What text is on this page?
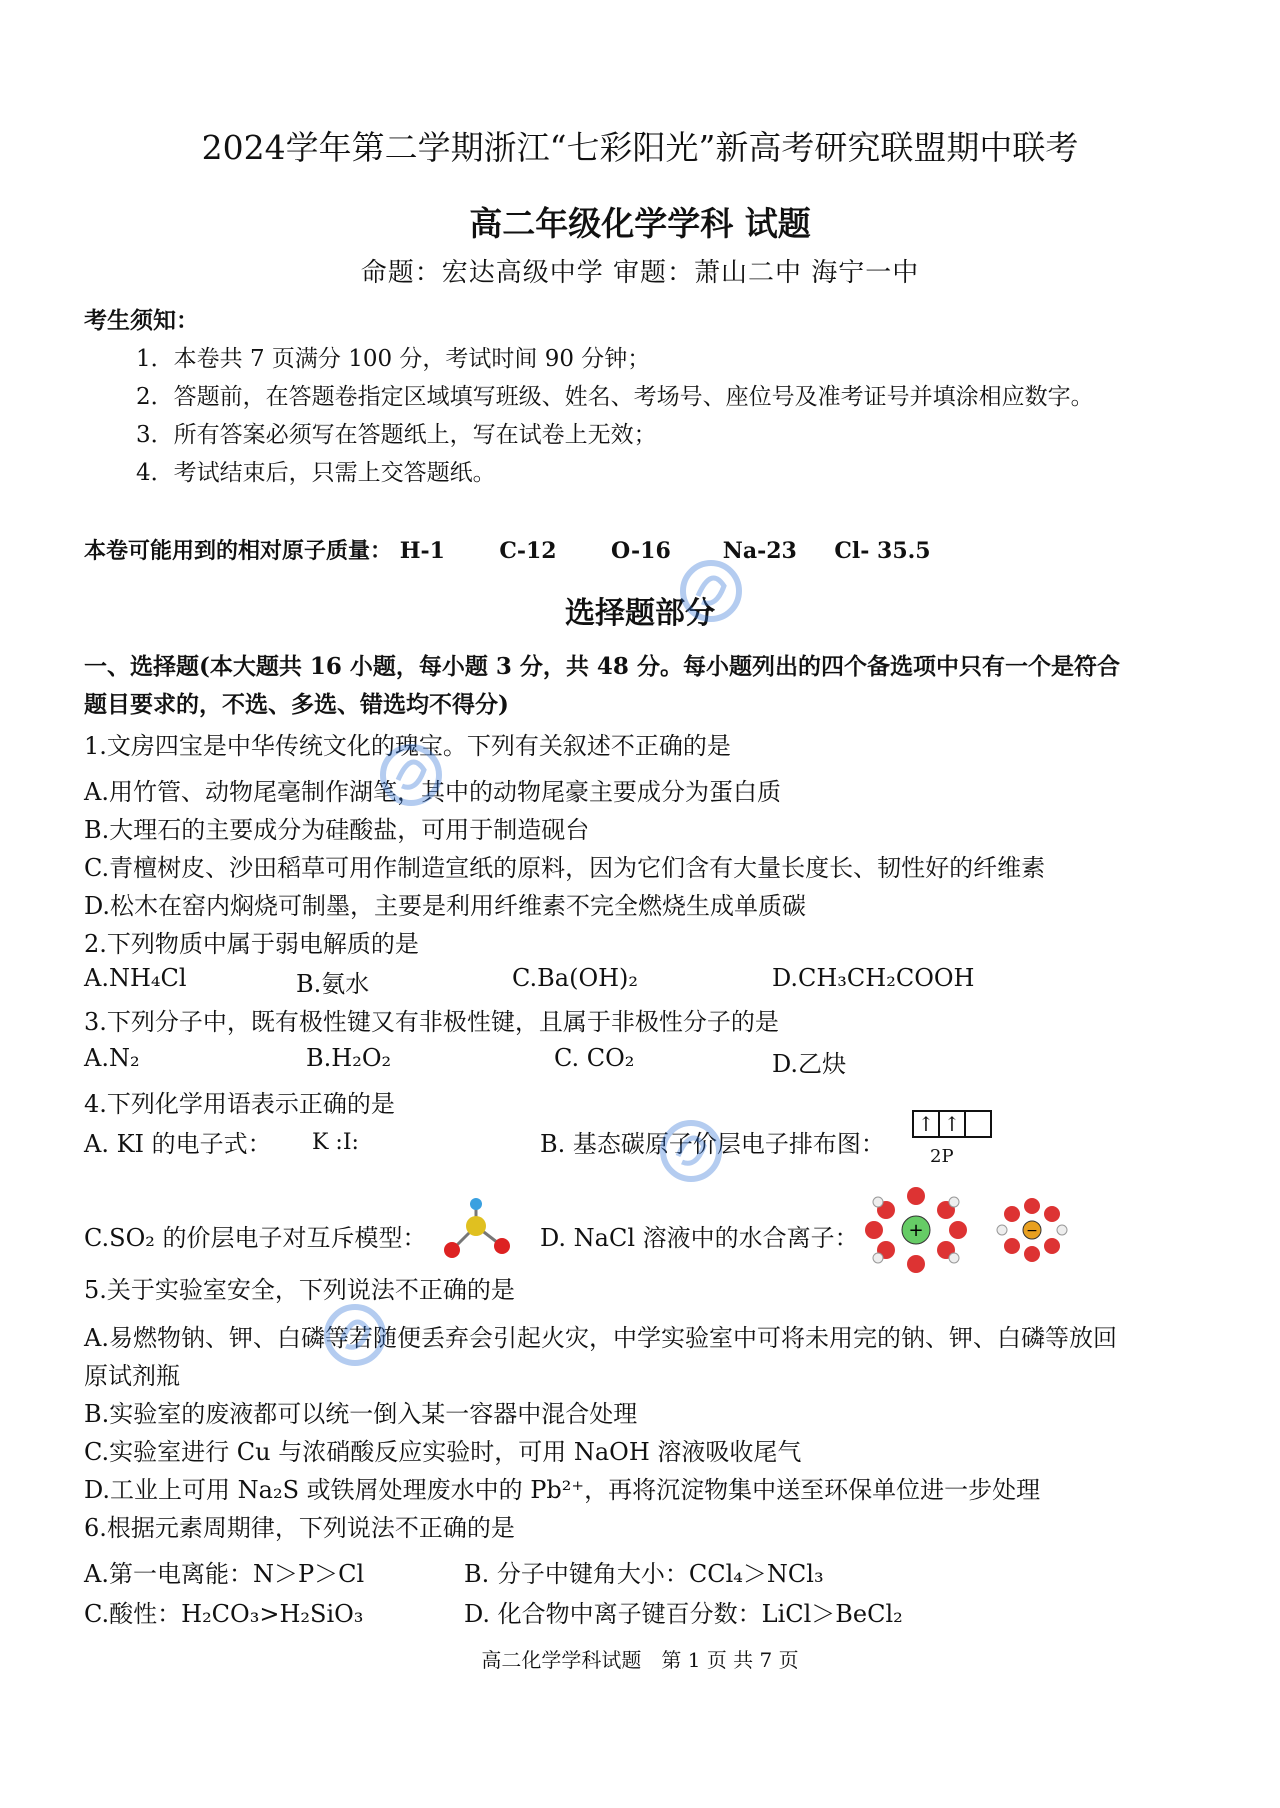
2024学年第二学期浙江“七彩阳光”新高考研究联盟期中联考
高二年级化学学科 试题
命题：宏达高级中学 审题：萧山二中 海宁一中
考生须知：
1．本卷共 7 页满分 100 分，考试时间 90 分钟；
2．答题前，在答题卷指定区域填写班级、姓名、考场号、座位号及准考证号并填涂相应数字。
3．所有答案必须写在答题纸上，写在试卷上无效；
4．考试结束后，只需上交答题纸。
本卷可能用到的相对原子质量： H-1 C-12 O-16 Na-23 Cl- 35.5
选择题部分
一、选择题(本大题共 16 小题，每小题 3 分，共 48 分。每小题列出的四个备选项中只有一个是符合
题目要求的，不选、多选、错选均不得分)
1.文房四宝是中华传统文化的瑰宝。下列有关叙述不正确的是
A.用竹管、动物尾毫制作湖笔，其中的动物尾豪主要成分为蛋白质
B.大理石的主要成分为硅酸盐，可用于制造砚台
C.青檀树皮、沙田稻草可用作制造宣纸的原料，因为它们含有大量长度长、韧性好的纤维素
D.松木在窑内焖烧可制墨，主要是利用纤维素不完全燃烧生成单质碳
2.下列物质中属于弱电解质的是
A.NH₄Cl	B.氨水	C.Ba(OH)₂	D.CH₃CH₂COOH
3.下列分子中，既有极性键又有非极性键，且属于非极性分子的是
A.N₂	B.H₂O₂	C. CO₂	D.乙炔
4.下列化学用语表示正确的是
A. KI 的电子式： K :I:	B. 基态碳原子价层电子排布图：
↑ ↑
2P
C.SO₂ 的价层电子对互斥模型：	D. NaCl 溶液中的水合离子：	+	−
5.关于实验室安全，下列说法不正确的是
A.易燃物钠、钾、白磷等若随便丢弃会引起火灾，中学实验室中可将未用完的钠、钾、白磷等放回
原试剂瓶
B.实验室的废液都可以统一倒入某一容器中混合处理
C.实验室进行 Cu 与浓硝酸反应实验时，可用 NaOH 溶液吸收尾气
D.工业上可用 Na₂S 或铁屑处理废水中的 Pb²⁺，再将沉淀物集中送至环保单位进一步处理
6.根据元素周期律，下列说法不正确的是
A.第一电离能：N＞P＞Cl	B. 分子中键角大小：CCl₄＞NCl₃
C.酸性：H₂CO₃>H₂SiO₃	D. 化合物中离子键百分数：LiCl＞BeCl₂
高二化学学科试题　第 1 页 共 7 页
